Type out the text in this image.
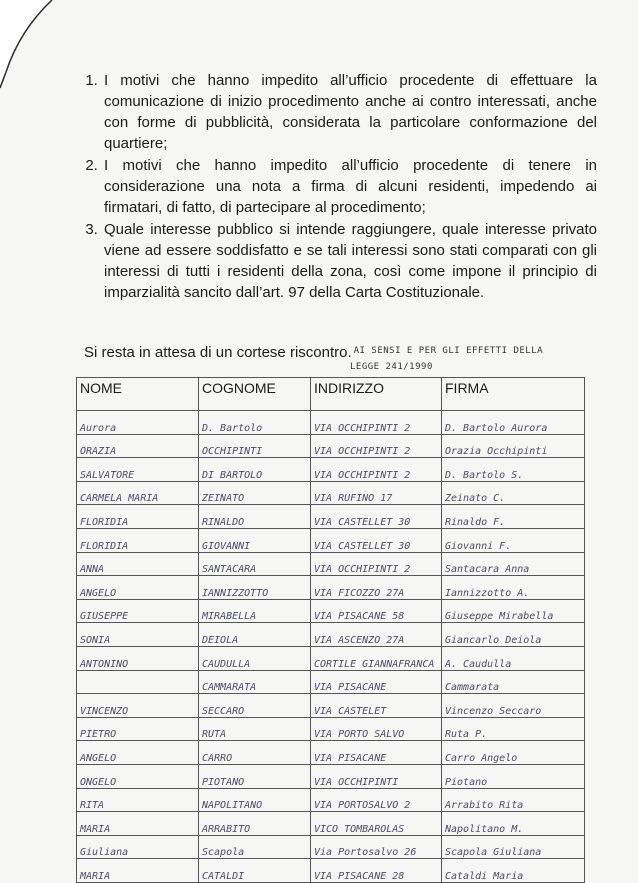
1. I motivi che hanno impedito all’ufficio procedente di effettuare la comunicazione di inizio procedimento anche ai contro interessati, anche con forme di pubblicità, considerata la particolare conformazione del quartiere;
2. I motivi che hanno impedito all’ufficio procedente di tenere in considerazione una nota a firma di alcuni residenti, impedendo ai firmatari, di fatto, di partecipare al procedimento;
3. Quale interesse pubblico si intende raggiungere, quale interesse privato viene ad essere soddisfatto e se tali interessi sono stati comparati con gli interessi di tutti i residenti della zona, così come impone il principio di imparzialità sancito dall’art. 97 della Carta Costituzionale.
Si resta in attesa di un cortese riscontro. $^{AI SENSI E PER GLI EFFETTI DELLA}$
LEGGE 241/1990
NOME	COGNOME	INDIRIZZO	FIRMA
Aurora	D. Bartolo	VIA OCCHIPINTI 2	D. Bartolo Aurora
ORAZIA	OCCHIPINTI	VIA OCCHIPINTI 2	Orazia Occhipinti
SALVATORE	DI BARTOLO	VIA OCCHIPINTI 2	D. Bartolo S.
CARMELA MARIA	ZEINATO	VIA RUFINO 17	Zeinato C.
FLORIDIA	RINALDO	VIA CASTELLET 30	Rinaldo F.
FLORIDIA	GIOVANNI	VIA CASTELLET 30	Giovanni F.
ANNA	SANTACARA	VIA OCCHIPINTI 2	Santacara Anna
ANGELO	IANNIZZOTTO	VIA FICOZZO 27A	Iannizzotto A.
GIUSEPPE	MIRABELLA	VIA PISACANE 58	Giuseppe Mirabella
SONIA	DEIOLA	VIA ASCENZO 27A	Giancarlo Deiola
ANTONINO	CAUDULLA	CORTILE GIANNAFRANCA	A. Caudulla
	CAMMARATA	VIA PISACANE	Cammarata
VINCENZO	SECCARO	VIA CASTELET	Vincenzo Seccaro
PIETRO	RUTA	VIA PORTO SALVO	Ruta P.
ANGELO	CARRO	VIA PISACANE	Carro Angelo
ONGELO	PIOTANO	VIA OCCHIPINTI	Piotano
RITA	NAPOLITANO	VIA PORTOSALVO 2	Arrabito Rita
MARIA	ARRABITO	VICO TOMBAROLAS	Napolitano M.
Giuliana	Scapola	Via Portosalvo 26	Scapola Giuliana
MARIA	CATALDI	VIA PISACANE 28	Cataldi Maria
